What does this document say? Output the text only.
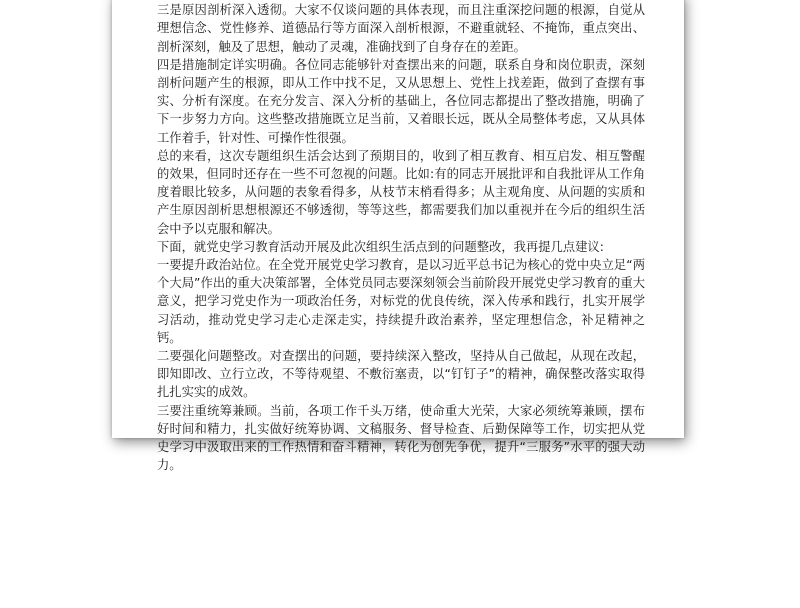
三是原因剖析深入透彻。大家不仅谈问题的具体表现，而且注重深挖问题的根源，自觉从理想信念、党性修养、道德品行等方面深入剖析根源，不避重就轻、不掩饰，重点突出、剖析深刻，触及了思想，触动了灵魂，准确找到了自身存在的差距。

四是措施制定详实明确。各位同志能够针对查摆出来的问题，联系自身和岗位职责，深刻剖析问题产生的根源，即从工作中找不足，又从思想上、党性上找差距，做到了查摆有事实、分析有深度。在充分发言、深入分析的基础上，各位同志都提出了整改措施，明确了下一步努力方向。这些整改措施既立足当前，又着眼长远，既从全局整体考虑，又从具体工作着手，针对性、可操作性很强。

总的来看，这次专题组织生活会达到了预期目的，收到了相互教育、相互启发、相互警醒的效果，但同时还存在一些不可忽视的问题。比如:有的同志开展批评和自我批评从工作角度着眼比较多，从问题的表象看得多，从枝节末梢看得多；从主观角度、从问题的实质和产生原因剖析思想根源还不够透彻，等等这些，都需要我们加以重视并在今后的组织生活会中予以克服和解决。

下面，就党史学习教育活动开展及此次组织生活点到的问题整改，我再提几点建议:

一要提升政治站位。在全党开展党史学习教育，是以习近平总书记为核心的党中央立足“两个大局”作出的重大决策部署，全体党员同志要深刻领会当前阶段开展党史学习教育的重大意义，把学习党史作为一项政治任务，对标党的优良传统，深入传承和践行，扎实开展学习活动，推动党史学习走心走深走实，持续提升政治素养，坚定理想信念，补足精神之钙。

二要强化问题整改。对查摆出的问题，要持续深入整改，坚持从自己做起，从现在改起，即知即改、立行立改，不等待观望、不敷衍塞责，以“钉钉子”的精神，确保整改落实取得扎扎实实的成效。

三要注重统筹兼顾。当前，各项工作千头万绪，使命重大光荣，大家必须统筹兼顾，摆布好时间和精力，扎实做好统筹协调、文稿服务、督导检查、后勤保障等工作，切实把从党史学习中汲取出来的工作热情和奋斗精神，转化为创先争优，提升“三服务”水平的强大动力。
